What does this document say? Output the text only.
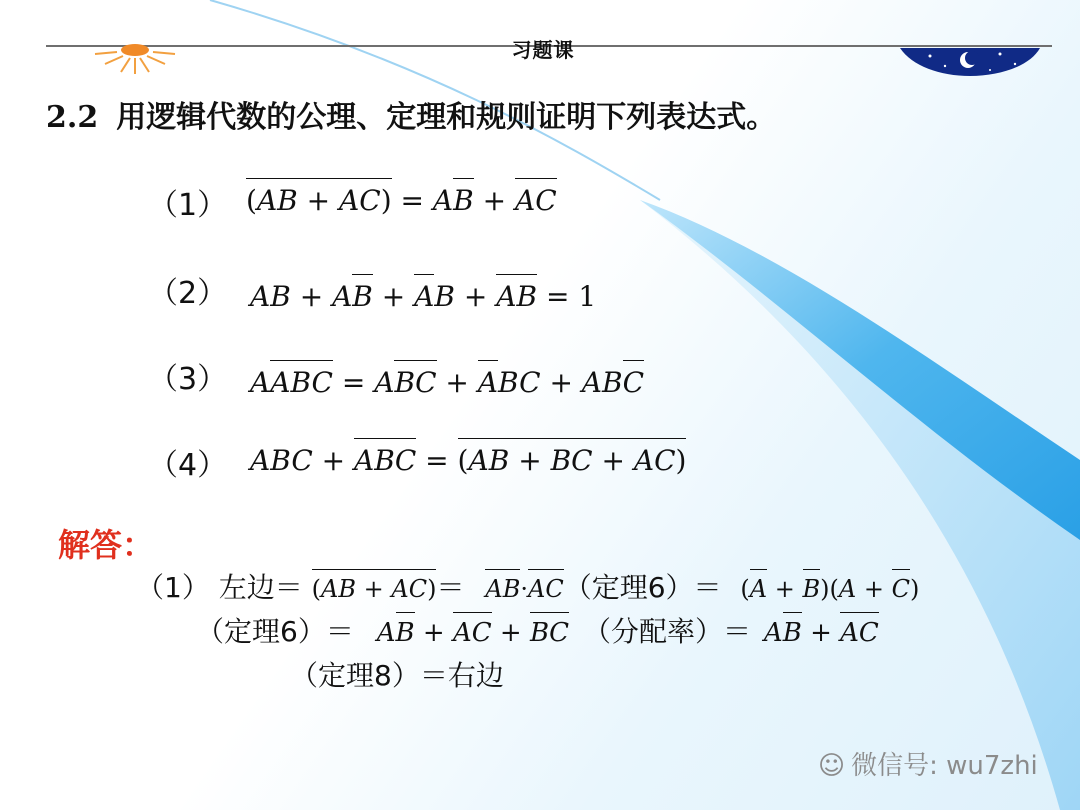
习题课
2.2 用逻辑代数的公理、定理和规则证明下列表达式。
（1） (AB + AC) = AB + AC
（2） AB + AB + AB + AB = 1
（3） AABC = ABC + ABC + ABC
（4） ABC + ABC = (AB + BC + AC)
解答：
（1） 左边＝ (AB + AC)＝ AB·AC（定理6）＝ (A + B)(A + C)
（定理6）＝ AB + AC + BC （分配率）＝ AB + AC
（定理8）＝右边
☺ 微信号: wu7zhi
